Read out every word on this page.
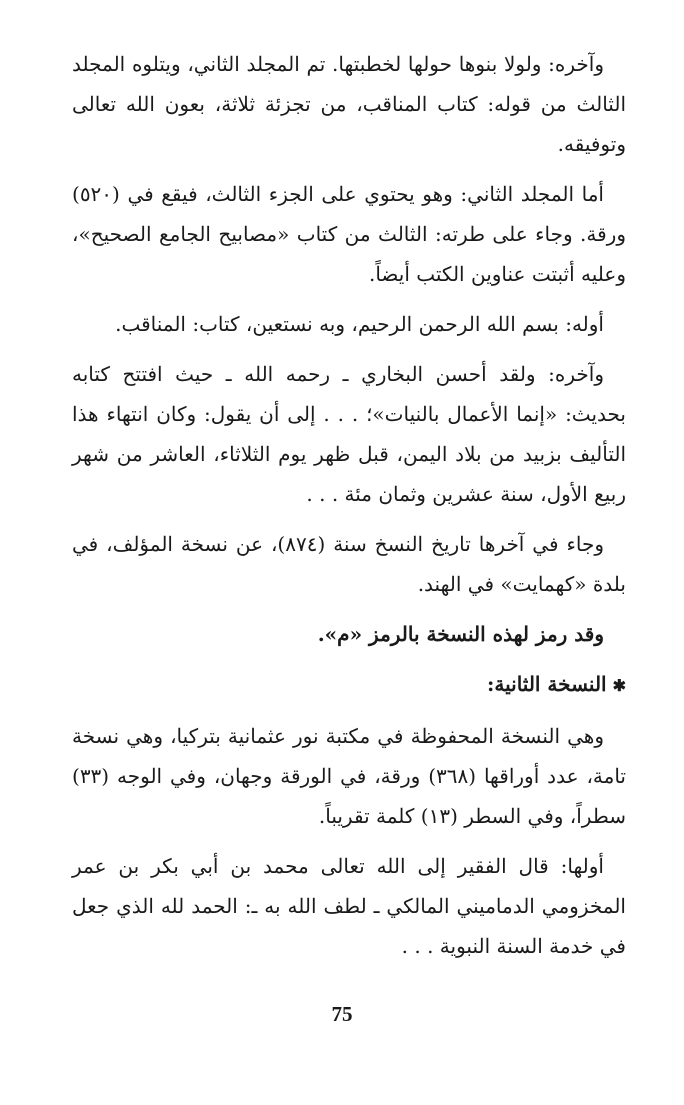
وآخره: ولولا بنوها حولها لخطبتها. تم المجلد الثاني، ويتلوه المجلد الثالث من قوله: كتاب المناقب، من تجزئة ثلاثة، بعون الله تعالى وتوفيقه.

أما المجلد الثاني: وهو يحتوي على الجزء الثالث، فيقع في (٥٢٠) ورقة. وجاء على طرته: الثالث من كتاب «مصابيح الجامع الصحيح»، وعليه أثبتت عناوين الكتب أيضاً.

أوله: بسم الله الرحمن الرحيم، وبه نستعين، كتاب: المناقب.

وآخره: ولقد أحسن البخاري ـ رحمه الله ـ حيث افتتح كتابه بحديث: «إنما الأعمال بالنيات»؛ . . . إلى أن يقول: وكان انتهاء هذا التأليف بزبيد من بلاد اليمن، قبل ظهر يوم الثلاثاء، العاشر من شهر ربيع الأول، سنة عشرين وثمان مئة . . .

وجاء في آخرها تاريخ النسخ سنة (٨٧٤)، عن نسخة المؤلف، في بلدة «كهمايت» في الهند.

وقد رمز لهذه النسخة بالرمز «م».

✱النسخة الثانية:

وهي النسخة المحفوظة في مكتبة نور عثمانية بتركيا، وهي نسخة تامة، عدد أوراقها (٣٦٨) ورقة، في الورقة وجهان، وفي الوجه (٣٣) سطراً، وفي السطر (١٣) كلمة تقريباً.

أولها: قال الفقير إلى الله تعالى محمد بن أبي بكر بن عمر المخزومي الدماميني المالكي ـ لطف الله به ـ: الحمد لله الذي جعل في خدمة السنة النبوية . . .

75
